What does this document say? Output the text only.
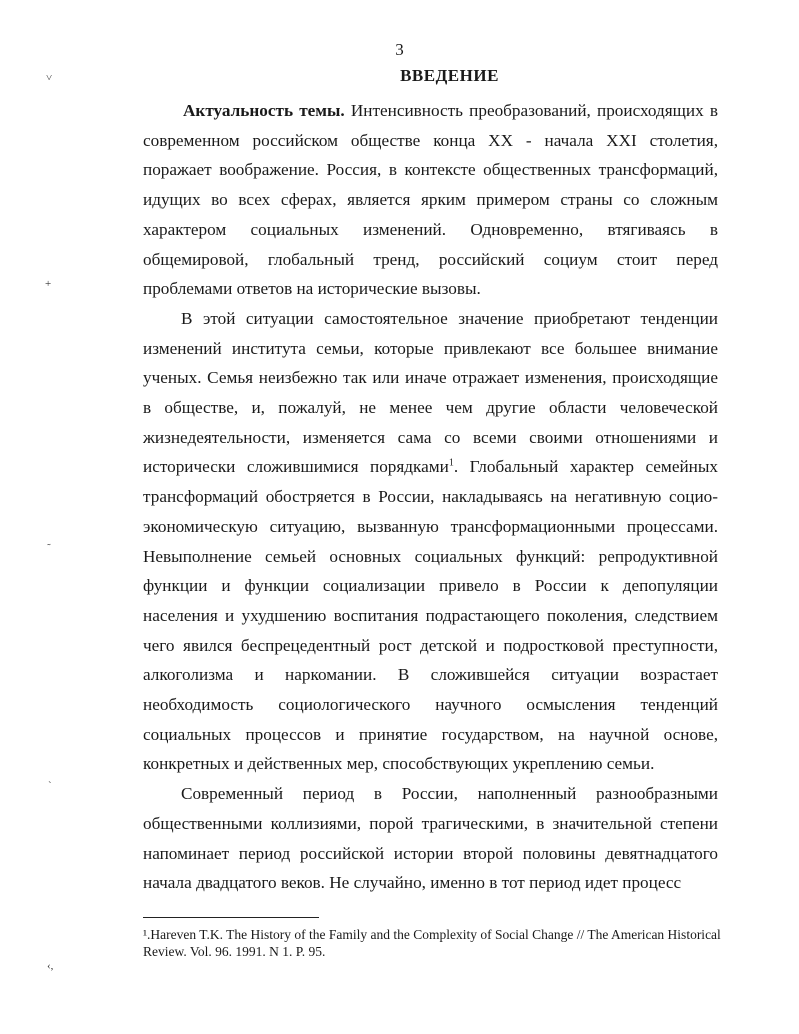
3
ВВЕДЕНИЕ

Актуальность темы. Интенсивность преобразований, происходящих в современном российском обществе конца XX - начала XXI столетия, поражает воображение. Россия, в контексте общественных трансформаций, идущих во всех сферах, является ярким примером страны со сложным характером социальных изменений. Одновременно, втягиваясь в общемировой, глобальный тренд, российский социум стоит перед проблемами ответов на исторические вызовы.

В этой ситуации самостоятельное значение приобретают тенденции изменений института семьи, которые привлекают все большее внимание ученых. Семья неизбежно так или иначе отражает изменения, происходящие в обществе, и, пожалуй, не менее чем другие области человеческой жизнедеятельности, изменяется сама со всеми своими отношениями и исторически сложившимися порядками$^1$. Глобальный характер семейных трансформаций обостряется в России, накладываясь на негативную социо-экономическую ситуацию, вызванную трансформационными процессами. Невыполнение семьей основных социальных функций: репродуктивной функции и функции социализации привело в России к депопуляции населения и ухудшению воспитания подрастающего поколения, следствием чего явился беспрецедентный рост детской и подростковой преступности, алкоголизма и наркомании. В сложившейся ситуации возрастает необходимость социологического научного осмысления тенденций социальных процессов и принятие государством, на научной основе, конкретных и действенных мер, способствующих укреплению семьи.

Современный период в России, наполненный разнообразными общественными коллизиями, порой трагическими, в значительной степени напоминает период российской истории второй половины девятнадцатого начала двадцатого веков. Не случайно, именно в тот период идет процесс

¹.Hareven T.K. The History of the Family and the Complexity of Social Change // The American Historical Review. Vol. 96. 1991. N 1. P. 95.
˅
+
˷
˴
‹,
